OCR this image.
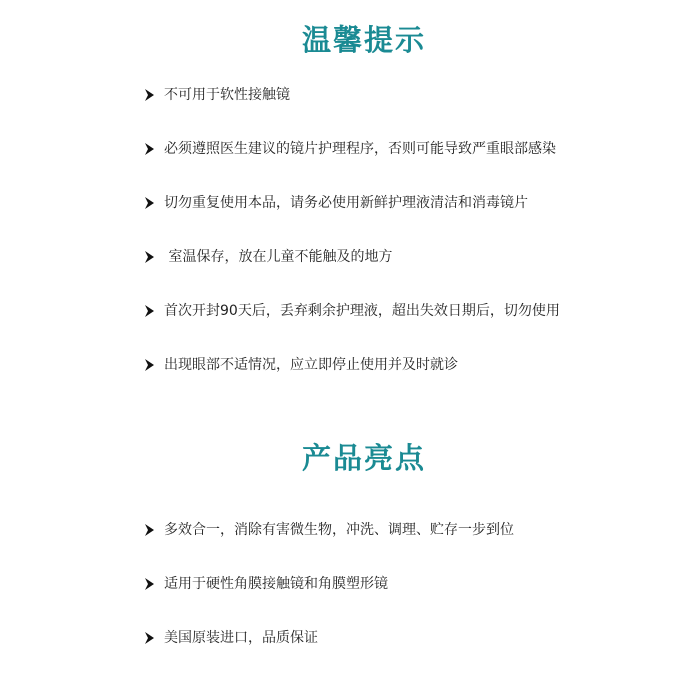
温馨提示
不可用于软性接触镜
必须遵照医生建议的镜片护理程序，否则可能导致严重眼部感染
切勿重复使用本品，请务必使用新鲜护理液清洁和消毒镜片
室温保存，放在儿童不能触及的地方
首次开封90天后，丢弃剩余护理液，超出失效日期后，切勿使用
出现眼部不适情况，应立即停止使用并及时就诊
产品亮点
多效合一，消除有害微生物，冲洗、调理、贮存一步到位
适用于硬性角膜接触镜和角膜塑形镜
美国原装进口，品质保证
